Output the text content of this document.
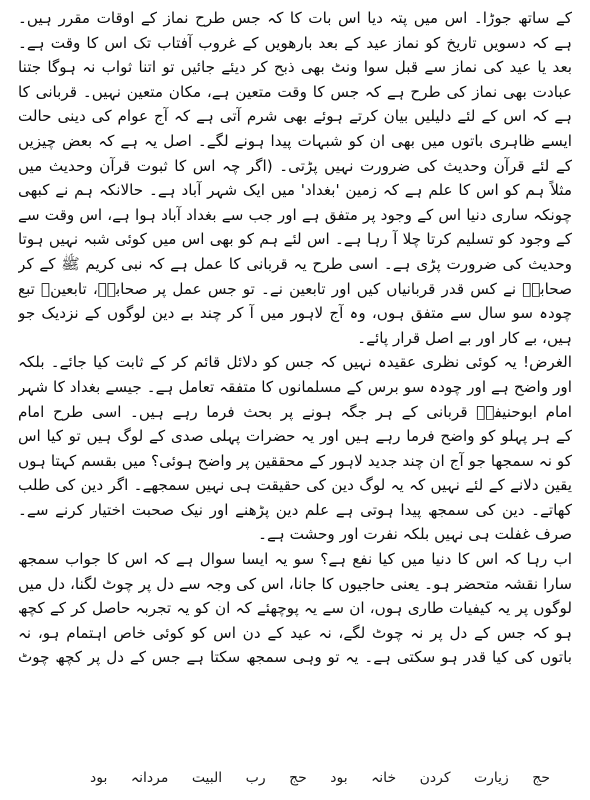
کے ساتھ جوڑا۔ اس میں پتہ دیا اس بات کا کہ جس طرح نماز کے اوقات مقرر ہیں۔
ہے کہ دسویں تاریخ کو نماز عید کے بعد بارھویں کے غروب آفتاب تک اس کا وقت ہے۔
بعد یا عید کی نماز سے قبل سوا ونٹ بھی ذبح کر دیئے جائیں تو اتنا ثواب نہ ہوگا جتنا
عبادت بھی نماز کی طرح ہے کہ جس کا وقت متعین ہے، مکان متعین نہیں۔ قربانی کا
ہے کہ اس کے لئے دلیلیں بیان کرتے ہوئے بھی شرم آتی ہے کہ آج عوام کی دینی حالت
ایسے ظاہری باتوں میں بھی ان کو شبہات پیدا ہونے لگے۔ اصل یہ ہے کہ بعض چیزیں
کے لئے قرآن وحدیث کی ضرورت نہیں پڑتی۔ (اگر چہ اس کا ثبوت قرآن وحدیث میں
مثلاً ہم کو اس کا علم ہے کہ زمین 'بغداد' میں ایک شہر آباد ہے۔ حالانکہ ہم نے کبھی
چونکہ ساری دنیا اس کے وجود پر متفق ہے اور جب سے بغداد آباد ہوا ہے، اس وقت سے
کے وجود کو تسلیم کرتا چلا آ رہا ہے۔ اس لئے ہم کو بھی اس میں کوئی شبہ نہیں ہوتا
وحدیث کی ضرورت پڑی ہے۔ اسی طرح یہ قربانی کا عمل ہے کہ نبی کریم ﷺ کے کر
صحابہؓ نے کس قدر قربانیاں کیں اور تابعین نے۔ تو جس عمل پر صحابہؓ، تابعینؒ تبع
چودہ سو سال سے متفق ہوں، وہ آج لاہور میں آ کر چند بے دین لوگوں کے نزدیک جو
ہیں، بے کار اور بے اصل قرار پائے۔
الغرض! یہ کوئی نظری عقیدہ نہیں کہ جس کو دلائل قائم کر کے ثابت کیا جائے۔ بلکہ
اور واضح ہے اور چودہ سو برس کے مسلمانوں کا متفقہ تعامل ہے۔ جیسے بغداد کا شہر
امام ابوحنیفہؒ قربانی کے ہر جگہ ہونے پر بحث فرما رہے ہیں۔ اسی طرح امام
کے ہر پہلو کو واضح فرما رہے ہیں اور یہ حضرات پہلی صدی کے لوگ ہیں تو کیا اس
کو نہ سمجھا جو آج ان چند جدید لاہور کے محققین پر واضح ہوئی؟ میں بقسم کہتا ہوں
یقین دلانے کے لئے نہیں کہ یہ لوگ دین کی حقیقت ہی نہیں سمجھے۔ اگر دین کی طلب
کھاتے۔ دین کی سمجھ پیدا ہوتی ہے علم دین پڑھنے اور نیک صحبت اختیار کرنے سے۔
صرف غفلت ہی نہیں بلکہ نفرت اور وحشت ہے۔
اب رہا کہ اس کا دنیا میں کیا نفع ہے؟ سو یہ ایسا سوال ہے کہ اس کا جواب سمجھ
سارا نقشہ متحضر ہو۔ یعنی حاجیوں کا جانا، اس کی وجہ سے دل پر چوٹ لگنا، دل میں
لوگوں پر یہ کیفیات طاری ہوں، ان سے یہ پوچھئے کہ ان کو یہ تجربہ حاصل کر کے کچھ
ہو کہ جس کے دل پر نہ چوٹ لگے، نہ عید کے دن اس کو کوئی خاص اہتمام ہو، نہ
باتوں کی کیا قدر ہو سکتی ہے۔ یہ تو وہی سمجھ سکتا ہے جس کے دل پر کچھ چوٹ
حج
زیارت
کردن
خانہ
بود
حج
رب
البیت
مردانہ
بود
